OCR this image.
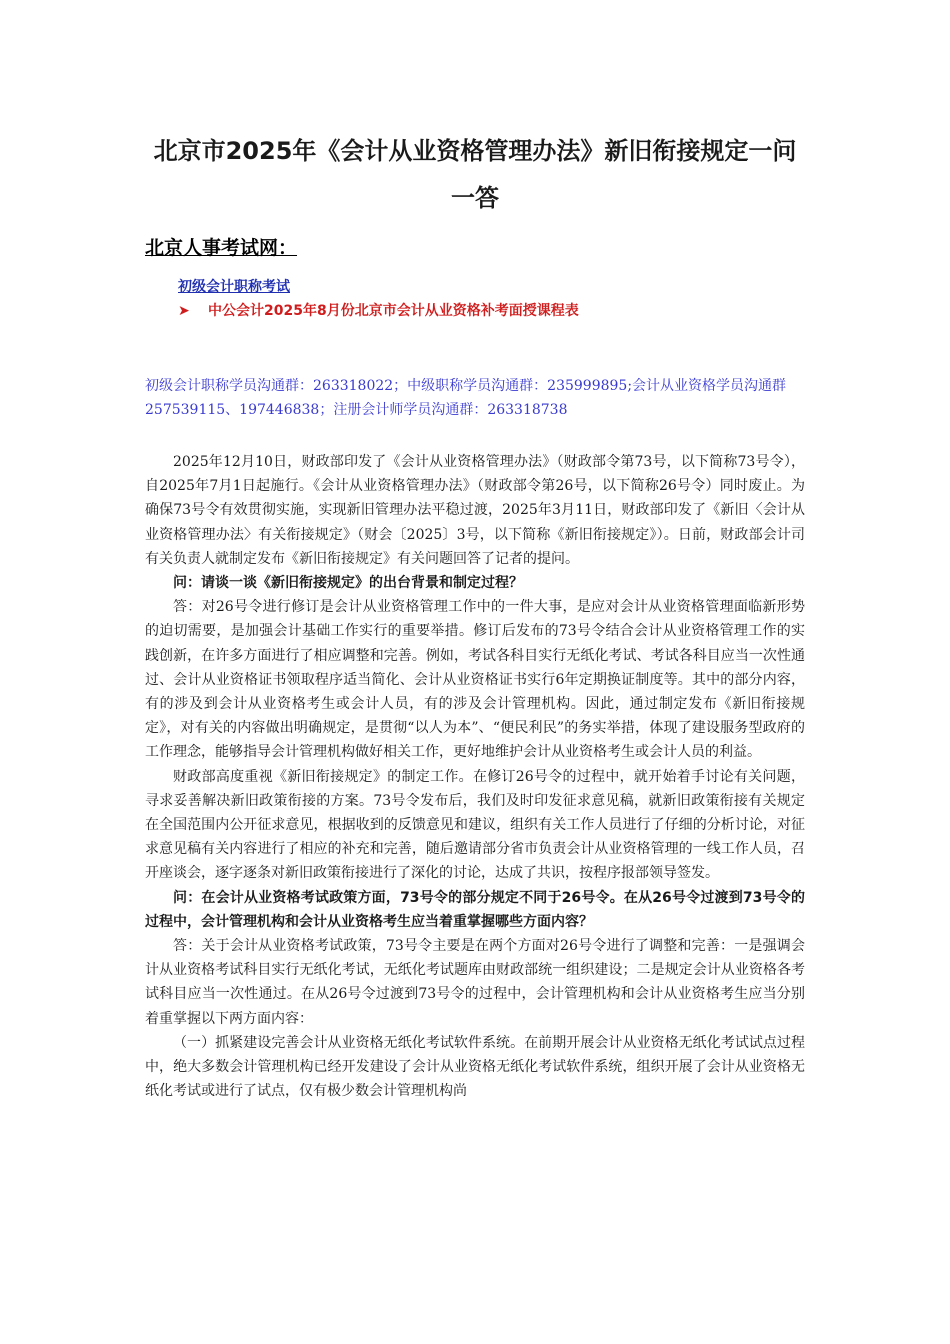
北京市2025年《会计从业资格管理办法》新旧衔接规定一问一答
北京人事考试网：
初级会计职称考试
➤ 中公会计2025年8月份北京市会计从业资格补考面授课程表

初级会计职称学员沟通群：263318022；中级职称学员沟通群：235999895;会计从业资格学员沟通群257539115、197446838；注册会计师学员沟通群：263318738

2025年12月10日，财政部印发了《会计从业资格管理办法》（财政部令第73号，以下简称73号令），自2025年7月1日起施行。《会计从业资格管理办法》（财政部令第26号，以下简称26号令）同时废止。为确保73号令有效贯彻实施，实现新旧管理办法平稳过渡，2025年3月11日，财政部印发了《新旧〈会计从业资格管理办法〉有关衔接规定》（财会〔2025〕3号，以下简称《新旧衔接规定》）。日前，财政部会计司有关负责人就制定发布《新旧衔接规定》有关问题回答了记者的提问。

问：请谈一谈《新旧衔接规定》的出台背景和制定过程？

答：对26号令进行修订是会计从业资格管理工作中的一件大事，是应对会计从业资格管理面临新形势的迫切需要，是加强会计基础工作实行的重要举措。修订后发布的73号令结合会计从业资格管理工作的实践创新，在许多方面进行了相应调整和完善。例如，考试各科目实行无纸化考试、考试各科目应当一次性通过、会计从业资格证书领取程序适当简化、会计从业资格证书实行6年定期换证制度等。其中的部分内容，有的涉及到会计从业资格考生或会计人员，有的涉及会计管理机构。因此，通过制定发布《新旧衔接规定》，对有关的内容做出明确规定，是贯彻“以人为本”、“便民利民”的务实举措，体现了建设服务型政府的工作理念，能够指导会计管理机构做好相关工作，更好地维护会计从业资格考生或会计人员的利益。

财政部高度重视《新旧衔接规定》的制定工作。在修订26号令的过程中，就开始着手讨论有关问题，寻求妥善解决新旧政策衔接的方案。73号令发布后，我们及时印发征求意见稿，就新旧政策衔接有关规定在全国范围内公开征求意见，根据收到的反馈意见和建议，组织有关工作人员进行了仔细的分析讨论，对征求意见稿有关内容进行了相应的补充和完善，随后邀请部分省市负责会计从业资格管理的一线工作人员，召开座谈会，逐字逐条对新旧政策衔接进行了深化的讨论，达成了共识，按程序报部领导签发。

问：在会计从业资格考试政策方面，73号令的部分规定不同于26号令。在从26号令过渡到73号令的过程中，会计管理机构和会计从业资格考生应当着重掌握哪些方面内容？

答：关于会计从业资格考试政策，73号令主要是在两个方面对26号令进行了调整和完善：一是强调会计从业资格考试科目实行无纸化考试，无纸化考试题库由财政部统一组织建设；二是规定会计从业资格各考试科目应当一次性通过。在从26号令过渡到73号令的过程中，会计管理机构和会计从业资格考生应当分别着重掌握以下两方面内容：

（一）抓紧建设完善会计从业资格无纸化考试软件系统。在前期开展会计从业资格无纸化考试试点过程中，绝大多数会计管理机构已经开发建设了会计从业资格无纸化考试软件系统，组织开展了会计从业资格无纸化考试或进行了试点，仅有极少数会计管理机构尚
